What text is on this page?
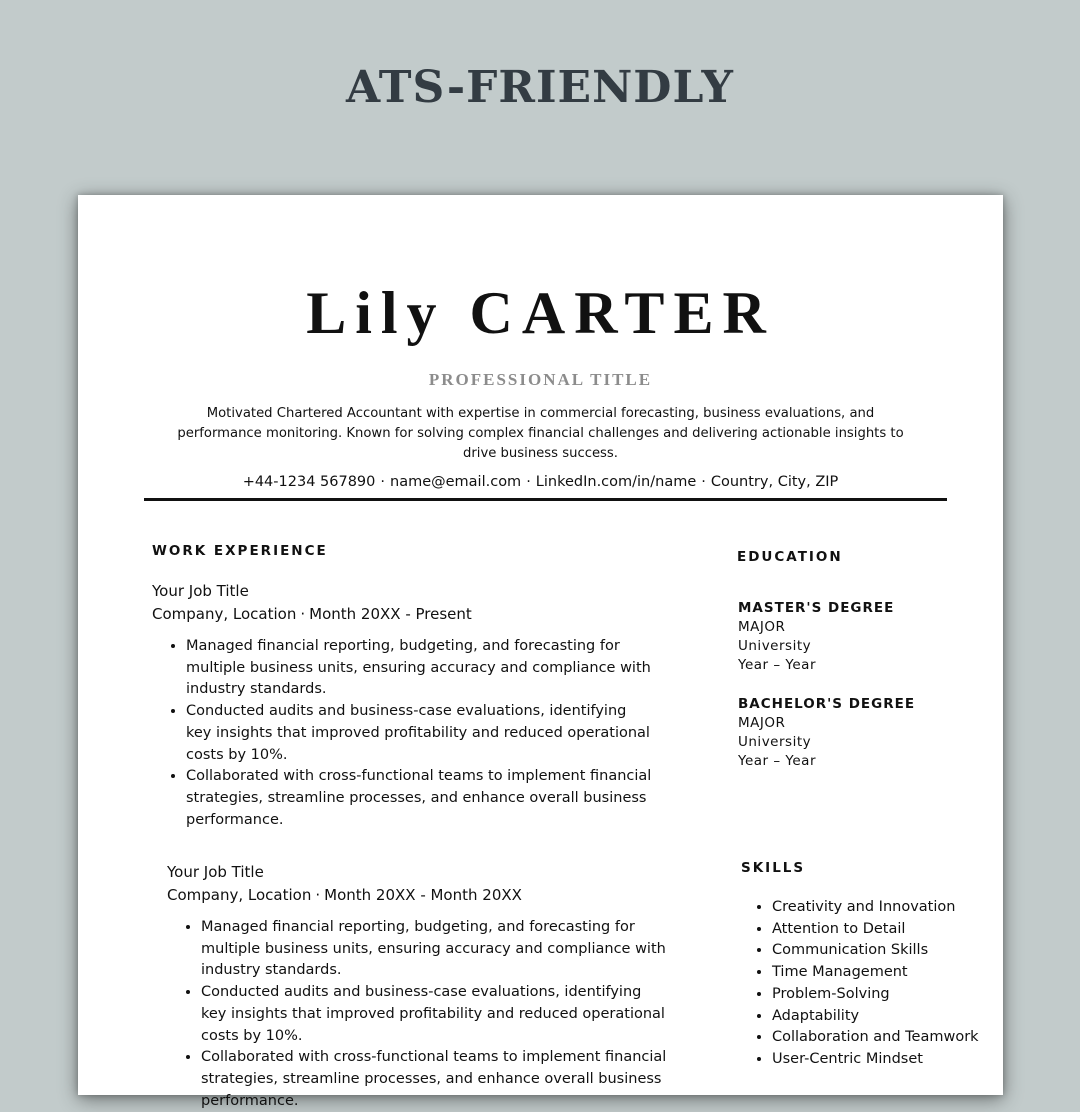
ATS-FRIENDLY
Lily CARTER
PROFESSIONAL TITLE
Motivated Chartered Accountant with expertise in commercial forecasting, business evaluations, and performance monitoring. Known for solving complex financial challenges and delivering actionable insights to drive business success.
+44-1234 567890 · name@email.com · LinkedIn.com/in/name · Country, City, ZIP
WORK EXPERIENCE
Your Job Title
Company, Location · Month 20XX - Present
• Managed financial reporting, budgeting, and forecasting for multiple business units, ensuring accuracy and compliance with industry standards.
• Conducted audits and business-case evaluations, identifying key insights that improved profitability and reduced operational costs by 10%.
• Collaborated with cross-functional teams to implement financial strategies, streamline processes, and enhance overall business performance.
Your Job Title
Company, Location · Month 20XX - Month 20XX
• Managed financial reporting, budgeting, and forecasting for multiple business units, ensuring accuracy and compliance with industry standards.
• Conducted audits and business-case evaluations, identifying key insights that improved profitability and reduced operational costs by 10%.
• Collaborated with cross-functional teams to implement financial strategies, streamline processes, and enhance overall business performance.
EDUCATION
MASTER'S DEGREE
MAJOR
University
Year – Year
BACHELOR'S DEGREE
MAJOR
University
Year – Year
SKILLS
• Creativity and Innovation
• Attention to Detail
• Communication Skills
• Time Management
• Problem-Solving
• Adaptability
• Collaboration and Teamwork
• User-Centric Mindset
